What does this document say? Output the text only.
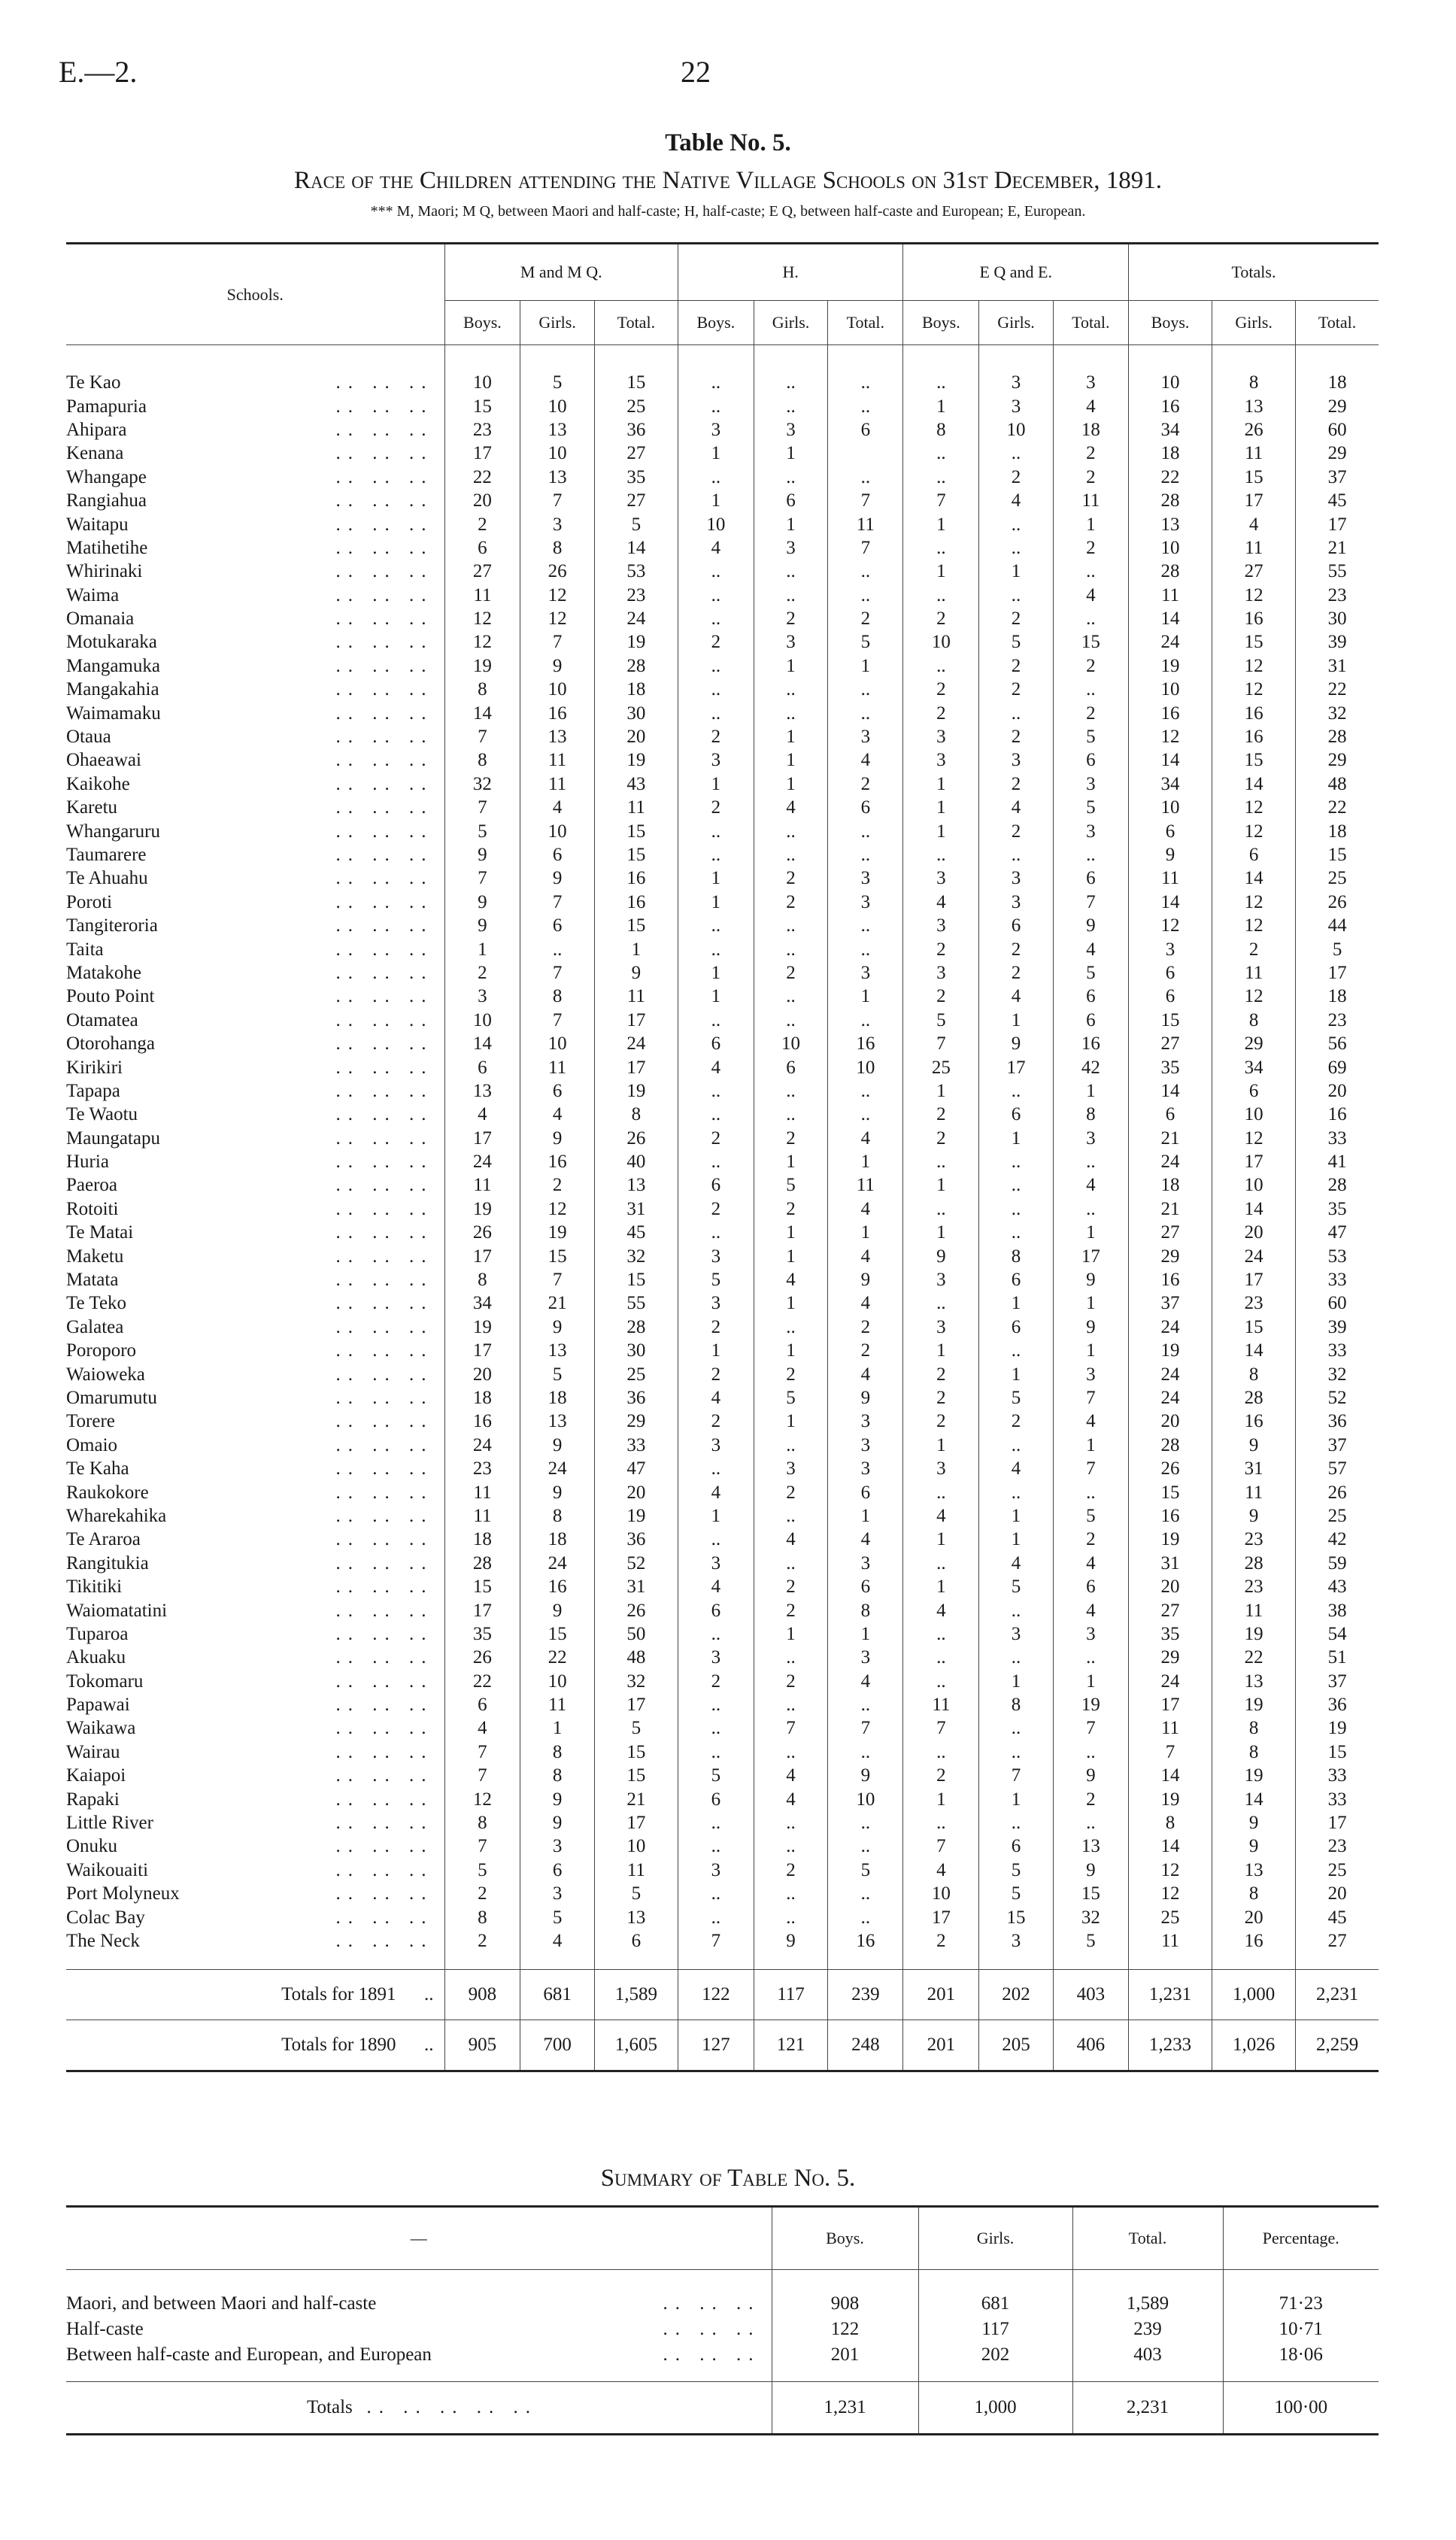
E.—2.	22
Table No. 5.
Race of the Children attending the Native Village Schools on 31st December, 1891.
*** M, Maori; M Q, between Maori and half-caste; H, half-caste; E Q, between half-caste and European; E, European.
Schools.	M and M Q.			H.			E Q and E.			Totals.		
	Boys.	Girls.	Total.	Boys.	Girls.	Total.	Boys.	Girls.	Total.	Boys.	Girls.	Total.

.. .. ..
Te Kao	10	5	15	..	..	..	..	3	3	10	8	18

.. .. ..
Pamapuria	15	10	25	..	..	..	1	3	4	16	13	29

.. .. ..
Ahipara	23	13	36	3	3	6	8	10	18	34	26	60

.. .. ..
Kenana	17	10	27	1	1		..	..	2	18	11	29

.. .. ..
Whangape	22	13	35	..	..	..	..	2	2	22	15	37

.. .. ..
Rangiahua	20	7	27	1	6	7	7	4	11	28	17	45

.. .. ..
Waitapu	2	3	5	10	1	11	1	..	1	13	4	17

.. .. ..
Matihetihe	6	8	14	4	3	7	..	..	2	10	11	21

.. .. ..
Whirinaki	27	26	53	..	..	..	1	1	..	28	27	55

.. .. ..
Waima	11	12	23	..	..	..	..	..	4	11	12	23

.. .. ..
Omanaia	12	12	24	..	2	2	2	2	..	14	16	30

.. .. ..
Motukaraka	12	7	19	2	3	5	10	5	15	24	15	39

.. .. ..
Mangamuka	19	9	28	..	1	1	..	2	2	19	12	31

.. .. ..
Mangakahia	8	10	18	..	..	..	2	2	..	10	12	22

.. .. ..
Waimamaku	14	16	30	..	..	..	2	..	2	16	16	32

.. .. ..
Otaua	7	13	20	2	1	3	3	2	5	12	16	28

.. .. ..
Ohaeawai	8	11	19	3	1	4	3	3	6	14	15	29

.. .. ..
Kaikohe	32	11	43	1	1	2	1	2	3	34	14	48

.. .. ..
Karetu	7	4	11	2	4	6	1	4	5	10	12	22

.. .. ..
Whangaruru	5	10	15	..	..	..	1	2	3	6	12	18

.. .. ..
Taumarere	9	6	15	..	..	..	..	..	..	9	6	15

.. .. ..
Te Ahuahu	7	9	16	1	2	3	3	3	6	11	14	25

.. .. ..
Poroti	9	7	16	1	2	3	4	3	7	14	12	26

.. .. ..
Tangiteroria	9	6	15	..	..	..	3	6	9	12	12	44

.. .. ..
Taita	1	..	1	..	..	..	2	2	4	3	2	5

.. .. ..
Matakohe	2	7	9	1	2	3	3	2	5	6	11	17

.. .. ..
Pouto Point	3	8	11	1	..	1	2	4	6	6	12	18

.. .. ..
Otamatea	10	7	17	..	..	..	5	1	6	15	8	23

.. .. ..
Otorohanga	14	10	24	6	10	16	7	9	16	27	29	56

.. .. ..
Kirikiri	6	11	17	4	6	10	25	17	42	35	34	69

.. .. ..
Tapapa	13	6	19	..	..	..	1	..	1	14	6	20

.. .. ..
Te Waotu	4	4	8	..	..	..	2	6	8	6	10	16

.. .. ..
Maungatapu	17	9	26	2	2	4	2	1	3	21	12	33

.. .. ..
Huria	24	16	40	..	1	1	..	..	..	24	17	41

.. .. ..
Paeroa	11	2	13	6	5	11	1	..	4	18	10	28

.. .. ..
Rotoiti	19	12	31	2	2	4	..	..	..	21	14	35

.. .. ..
Te Matai	26	19	45	..	1	1	1	..	1	27	20	47

.. .. ..
Maketu	17	15	32	3	1	4	9	8	17	29	24	53

.. .. ..
Matata	8	7	15	5	4	9	3	6	9	16	17	33

.. .. ..
Te Teko	34	21	55	3	1	4	..	1	1	37	23	60

.. .. ..
Galatea	19	9	28	2	..	2	3	6	9	24	15	39

.. .. ..
Poroporo	17	13	30	1	1	2	1	..	1	19	14	33

.. .. ..
Waioweka	20	5	25	2	2	4	2	1	3	24	8	32

.. .. ..
Omarumutu	18	18	36	4	5	9	2	5	7	24	28	52

.. .. ..
Torere	16	13	29	2	1	3	2	2	4	20	16	36

.. .. ..
Omaio	24	9	33	3	..	3	1	..	1	28	9	37

.. .. ..
Te Kaha	23	24	47	..	3	3	3	4	7	26	31	57

.. .. ..
Raukokore	11	9	20	4	2	6	..	..	..	15	11	26

.. .. ..
Wharekahika	11	8	19	1	..	1	4	1	5	16	9	25

.. .. ..
Te Araroa	18	18	36	..	4	4	1	1	2	19	23	42

.. .. ..
Rangitukia	28	24	52	3	..	3	..	4	4	31	28	59

.. .. ..
Tikitiki	15	16	31	4	2	6	1	5	6	20	23	43

.. .. ..
Waiomatatini	17	9	26	6	2	8	4	..	4	27	11	38

.. .. ..
Tuparoa	35	15	50	..	1	1	..	3	3	35	19	54

.. .. ..
Akuaku	26	22	48	3	..	3	..	..	..	29	22	51

.. .. ..
Tokomaru	22	10	32	2	2	4	..	1	1	24	13	37

.. .. ..
Papawai	6	11	17	..	..	..	11	8	19	17	19	36

.. .. ..
Waikawa	4	1	5	..	7	7	7	..	7	11	8	19

.. .. ..
Wairau	7	8	15	..	..	..	..	..	..	7	8	15

.. .. ..
Kaiapoi	7	8	15	5	4	9	2	7	9	14	19	33

.. .. ..
Rapaki	12	9	21	6	4	10	1	1	2	19	14	33

.. .. ..
Little River	8	9	17	..	..	..	..	..	..	8	9	17

.. .. ..
Onuku	7	3	10	..	..	..	7	6	13	14	9	23

.. .. ..
Waikouaiti	5	6	11	3	2	5	4	5	9	12	13	25

.. .. ..
Port Molyneux	2	3	5	..	..	..	10	5	15	12	8	20

.. .. ..
Colac Bay	8	5	13	..	..	..	17	15	32	25	20	45

.. .. ..
The Neck	2	4	6	7	9	16	2	3	5	11	16	27
Totals for 1891      ..	908	681	1,589	122	117	239	201	202	403	1,231	1,000	2,231
Totals for 1890      ..	905	700	1,605	127	121	248	201	205	406	1,233	1,026	2,259
Summary of Table No. 5.
—	Boys.	Girls.	Total.	Percentage.

.. .. ..
Maori, and between Maori and half-caste	908	681	1,589	71·23

.. .. ..
Half-caste	122	117	239	10·71

.. .. ..
Between half-caste and European, and European	201	202	403	18·06
Totals .. .. .. .. ..	1,231	1,000	2,231	100·00
